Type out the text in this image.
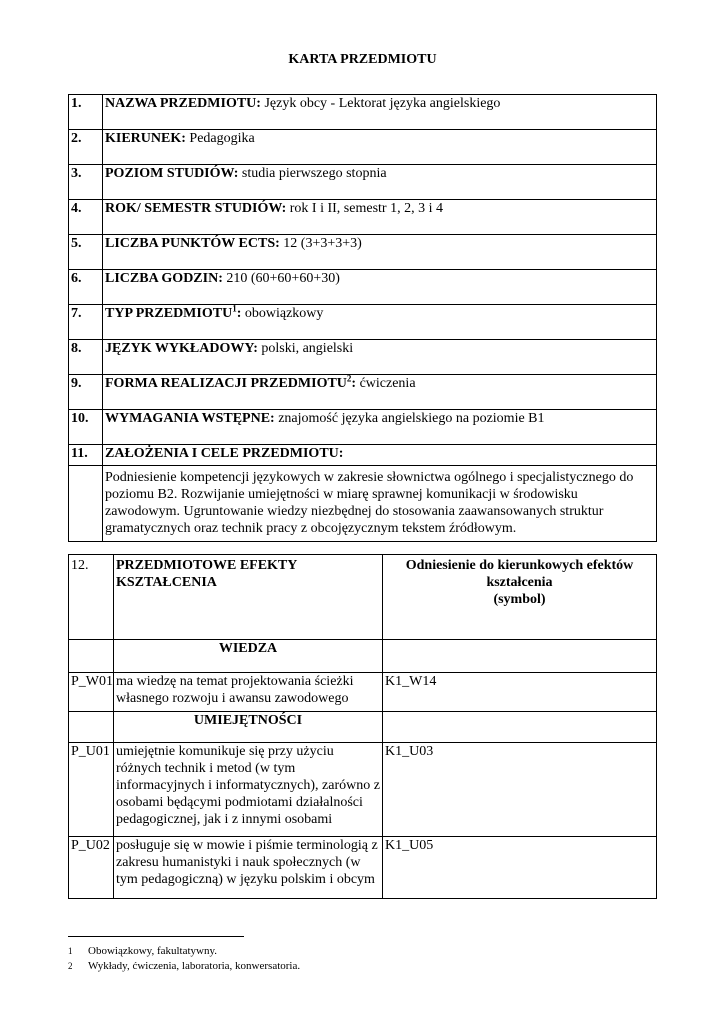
KARTA PRZEDMIOTU
1.	NAZWA PRZEDMIOTU: Język obcy - Lektorat języka angielskiego
2.	KIERUNEK: Pedagogika
3.	POZIOM STUDIÓW: studia pierwszego stopnia
4.	ROK/ SEMESTR STUDIÓW: rok I i II, semestr 1, 2, 3 i 4
5.	LICZBA PUNKTÓW ECTS: 12 (3+3+3+3)
6.	LICZBA GODZIN: 210 (60+60+60+30)
7.	TYP PRZEDMIOTU$^1$: obowiązkowy
8.	JĘZYK WYKŁADOWY: polski, angielski
9.	FORMA REALIZACJI PRZEDMIOTU$^2$: ćwiczenia
10.	WYMAGANIA WSTĘPNE: znajomość języka angielskiego na poziomie B1
11.	ZAŁOŻENIA I CELE PRZEDMIOTU:
	Podniesienie kompetencji językowych w zakresie słownictwa ogólnego i specjalistycznego do poziomu B2. Rozwijanie umiejętności w miarę sprawnej komunikacji w środowisku zawodowym. Ugruntowanie wiedzy niezbędnej do stosowania zaawansowanych struktur gramatycznych oraz technik pracy z obcojęzycznym tekstem źródłowym.
12.	PRZEDMIOTOWE EFEKTY KSZTAŁCENIA	Odniesienie do kierunkowych efektów kształcenia
(symbol)
	WIEDZA	
P_W01	ma wiedzę na temat projektowania ścieżki własnego rozwoju i awansu zawodowego	K1_W14
	UMIEJĘTNOŚCI	
P_U01	umiejętnie komunikuje się przy użyciu różnych technik i metod (w tym informacyjnych i informatycznych), zarówno z osobami będącymi podmiotami działalności pedagogicznej, jak i z innymi osobami	K1_U03
P_U02	posługuje się w mowie i piśmie terminologią z zakresu humanistyki i nauk społecznych (w tym pedagogiczną) w języku polskim i obcym	K1_U05
1 Obowiązkowy, fakultatywny.
2 Wykłady, ćwiczenia, laboratoria, konwersatoria.
